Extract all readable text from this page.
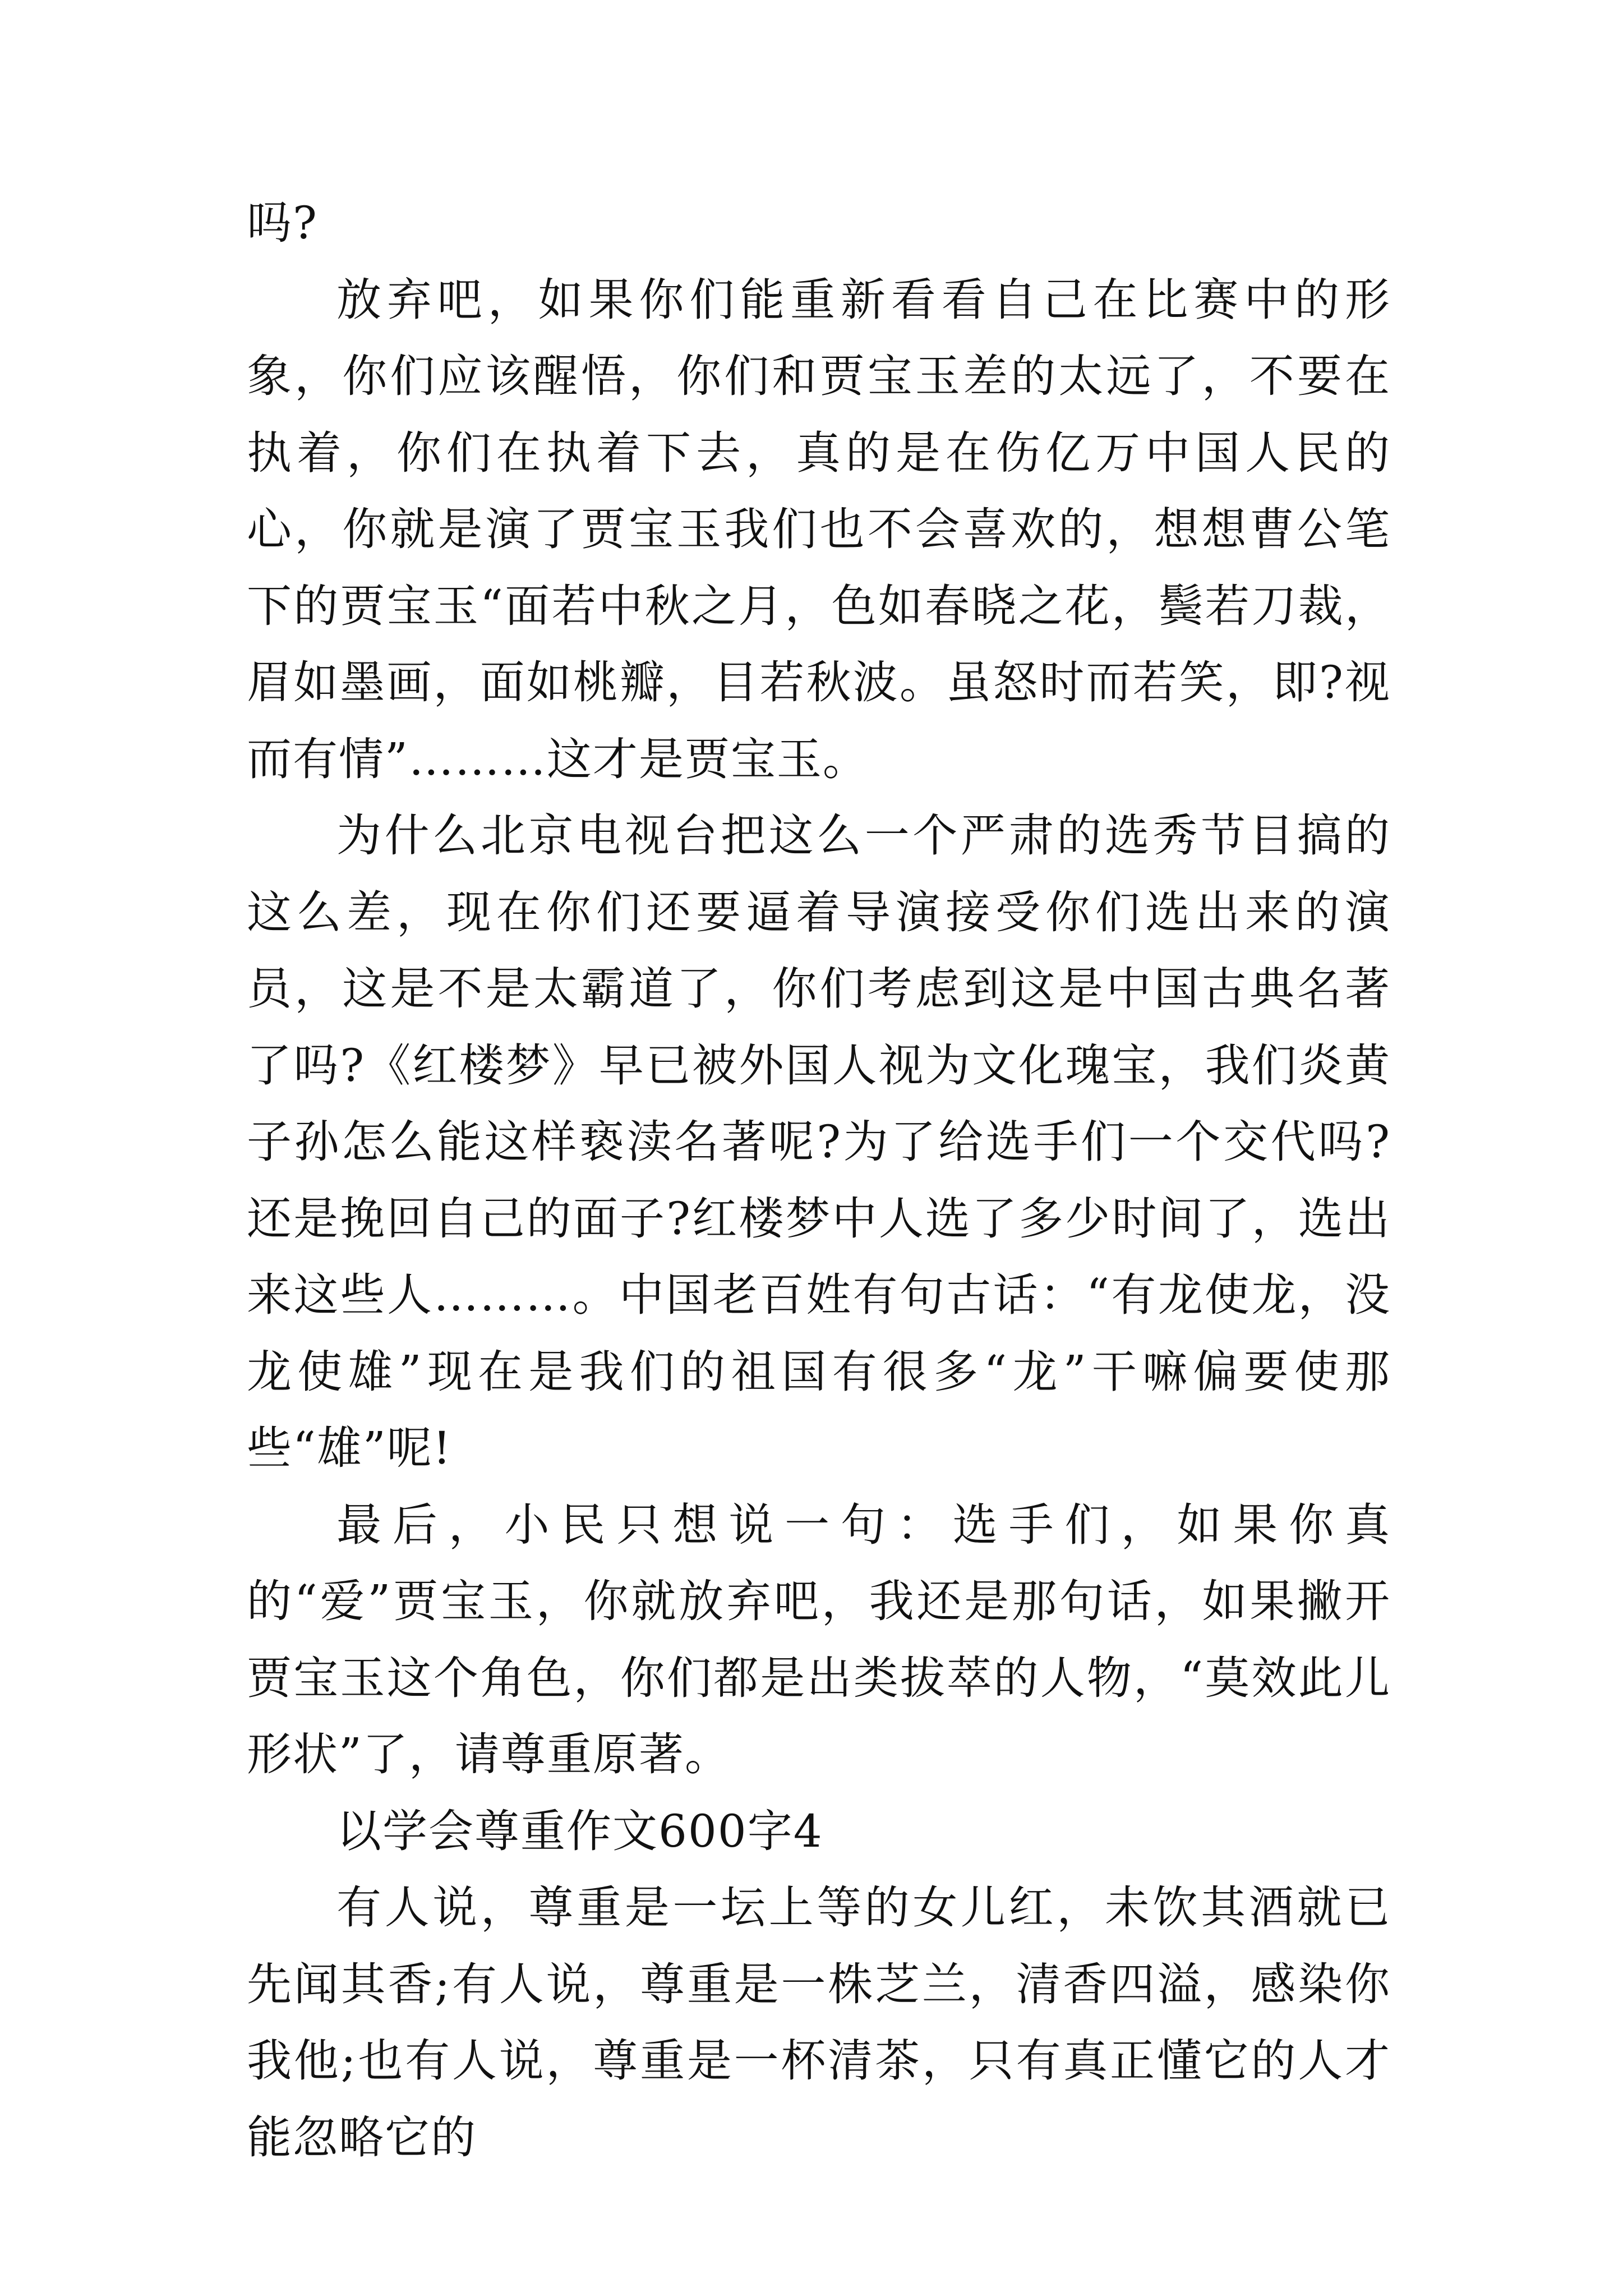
吗?

放弃吧，如果你们能重新看看自己在比赛中的形象，你们应该醒悟，你们和贾宝玉差的太远了，不要在执着，你们在执着下去，真的是在伤亿万中国人民的心，你就是演了贾宝玉我们也不会喜欢的，想想曹公笔下的贾宝玉“面若中秋之月，色如春晓之花，鬓若刀裁，眉如墨画，面如桃瓣，目若秋波。虽怒时而若笑，即?视而有情”………这才是贾宝玉。

为什么北京电视台把这么一个严肃的选秀节目搞的这么差，现在你们还要逼着导演接受你们选出来的演员，这是不是太霸道了，你们考虑到这是中国古典名著了吗?《红楼梦》早已被外国人视为文化瑰宝，我们炎黄子孙怎么能这样亵渎名著呢?为了给选手们一个交代吗?还是挽回自己的面子?红楼梦中人选了多少时间了，选出来这些人………。中国老百姓有句古话：“有龙使龙，没龙使雄”现在是我们的祖国有很多“龙”干嘛偏要使那些“雄”呢!

最后，小民只想说一句：选手们，如果你真的“爱”贾宝玉，你就放弃吧，我还是那句话，如果撇开贾宝玉这个角色，你们都是出类拔萃的人物，“莫效此儿形状”了，请尊重原著。

以学会尊重作文600字4

有人说，尊重是一坛上等的女儿红，未饮其酒就已先闻其香;有人说，尊重是一株芝兰，清香四溢，感染你我他;也有人说，尊重是一杯清茶，只有真正懂它的人才能忽略它的
